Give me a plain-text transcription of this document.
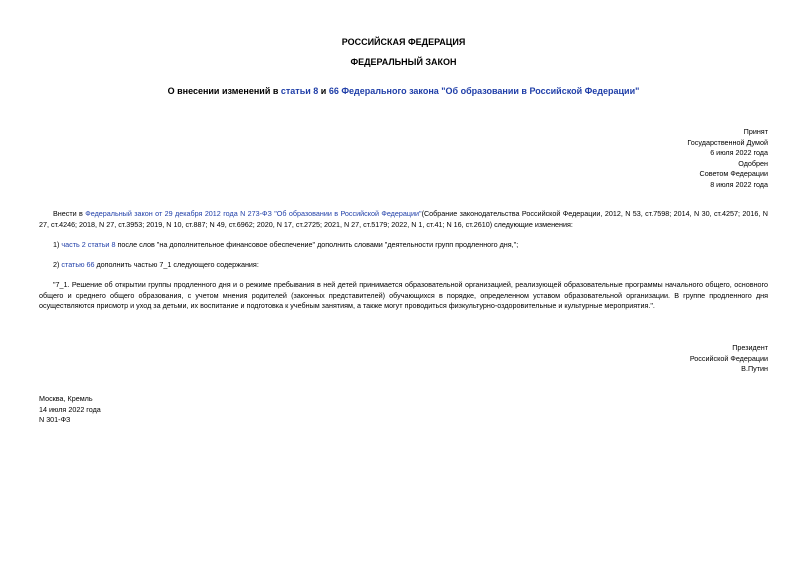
РОССИЙСКАЯ ФЕДЕРАЦИЯ
ФЕДЕРАЛЬНЫЙ ЗАКОН
О внесении изменений в статьи 8 и 66 Федерального закона "Об образовании в Российской Федерации"
Принят
Государственной Думой
6 июля 2022 года
Одобрен
Советом Федерации
8 июля 2022 года
Внести в Федеральный закон от 29 декабря 2012 года N 273-ФЗ "Об образовании в Российской Федерации"(Собрание законодательства Российской Федерации, 2012, N 53, ст.7598; 2014, N 30, ст.4257; 2016, N 27, ст.4246; 2018, N 27, ст.3953; 2019, N 10, ст.887; N 49, ст.6962; 2020, N 17, ст.2725; 2021, N 27, ст.5179; 2022, N 1, ст.41; N 16, ст.2610) следующие изменения:
1) часть 2 статьи 8 после слов "на дополнительное финансовое обеспечение" дополнить словами "деятельности групп продленного дня,";
2) статью 66 дополнить частью 7_1 следующего содержания:
"7_1. Решение об открытии группы продленного дня и о режиме пребывания в ней детей принимается образовательной организацией, реализующей образовательные программы начального общего, основного общего и среднего общего образования, с учетом мнения родителей (законных представителей) обучающихся в порядке, определенном уставом образовательной организации. В группе продленного дня осуществляются присмотр и уход за детьми, их воспитание и подготовка к учебным занятиям, а также могут проводиться физкультурно-оздоровительные и культурные мероприятия.".
Президент
Российской Федерации
В.Путин
Москва, Кремль
14 июля 2022 года
N 301-ФЗ
